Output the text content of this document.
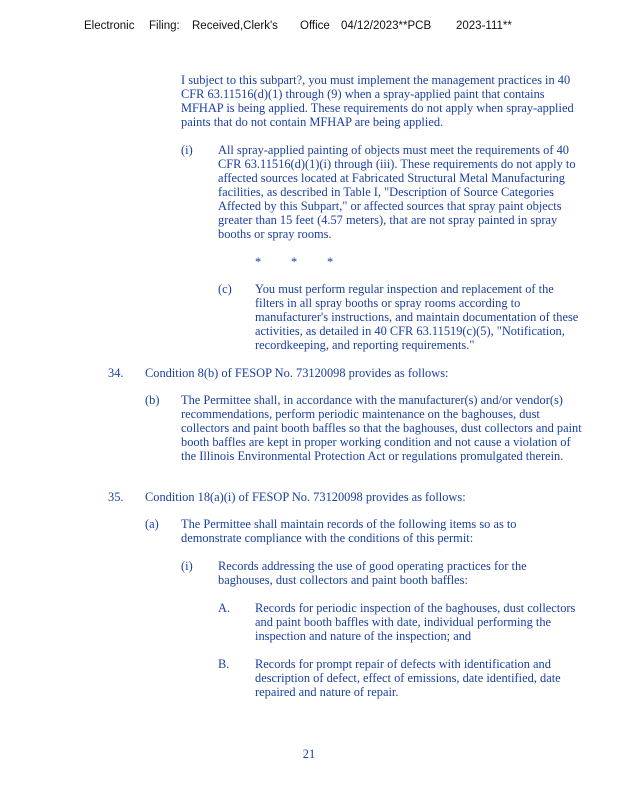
Electronic Filing: Received,Clerk's Office 04/12/2023**PCB 2023-111**
I subject to this subpart?, you must implement the management practices in 40 CFR 63.11516(d)(1) through (9) when a spray-applied paint that contains MFHAP is being applied. These requirements do not apply when spray-applied paints that do not contain MFHAP are being applied.
(i) All spray-applied painting of objects must meet the requirements of 40 CFR 63.11516(d)(1)(i) through (iii). These requirements do not apply to affected sources located at Fabricated Structural Metal Manufacturing facilities, as described in Table I, "Description of Source Categories Affected by this Subpart," or affected sources that spray paint objects greater than 15 feet (4.57 meters), that are not spray painted in spray booths or spray rooms.
* * *
(c) You must perform regular inspection and replacement of the filters in all spray booths or spray rooms according to manufacturer's instructions, and maintain documentation of these activities, as detailed in 40 CFR 63.11519(c)(5), "Notification, recordkeeping, and reporting requirements."
34. Condition 8(b) of FESOP No. 73120098 provides as follows:
(b) The Permittee shall, in accordance with the manufacturer(s) and/or vendor(s) recommendations, perform periodic maintenance on the baghouses, dust collectors and paint booth baffles so that the baghouses, dust collectors and paint booth baffles are kept in proper working condition and not cause a violation of the Illinois Environmental Protection Act or regulations promulgated therein.
35. Condition 18(a)(i) of FESOP No. 73120098 provides as follows:
(a) The Permittee shall maintain records of the following items so as to demonstrate compliance with the conditions of this permit:
(i) Records addressing the use of good operating practices for the baghouses, dust collectors and paint booth baffles:
A. Records for periodic inspection of the baghouses, dust collectors and paint booth baffles with date, individual performing the inspection and nature of the inspection; and
B. Records for prompt repair of defects with identification and description of defect, effect of emissions, date identified, date repaired and nature of repair.
21
